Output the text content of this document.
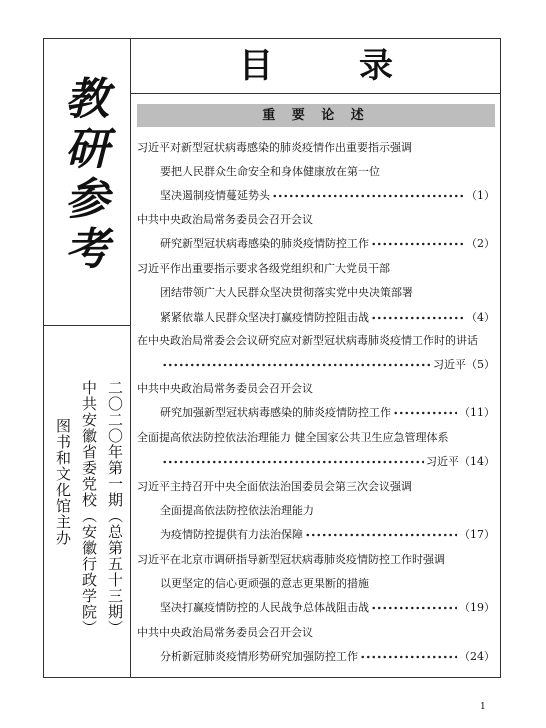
教
研
参
考
二〇二〇年第一期（总第五十三期）
中共安徽省委党校（安徽行政学院）
图书和文化馆主办
目　录
重 要 论 述
习近平对新型冠状病毒感染的肺炎疫情作出重要指示强调
要把人民群众生命安全和身体健康放在第一位
坚决遏制疫情蔓延势头	（1）
中共中央政治局常务委员会召开会议
研究新型冠状病毒感染的肺炎疫情防控工作	（2）
习近平作出重要指示要求各级党组织和广大党员干部
团结带领广大人民群众坚决贯彻落实党中央决策部署
紧紧依靠人民群众坚决打赢疫情防控阻击战	（4）
在中央政治局常委会会议研究应对新型冠状病毒肺炎疫情工作时的讲话
习近平（5）
中共中央政治局常务委员会召开会议
研究加强新型冠状病毒感染的肺炎疫情防控工作	（11）
全面提高依法防控依法治理能力 健全国家公共卫生应急管理体系
习近平（14）
习近平主持召开中央全面依法治国委员会第三次会议强调
全面提高依法防控依法治理能力
为疫情防控提供有力法治保障	（17）
习近平在北京市调研指导新型冠状病毒肺炎疫情防控工作时强调
以更坚定的信心更顽强的意志更果断的措施
坚决打赢疫情防控的人民战争总体战阻击战	（19）
中共中央政治局常务委员会召开会议
分析新冠肺炎疫情形势研究加强防控工作	（24）
1
